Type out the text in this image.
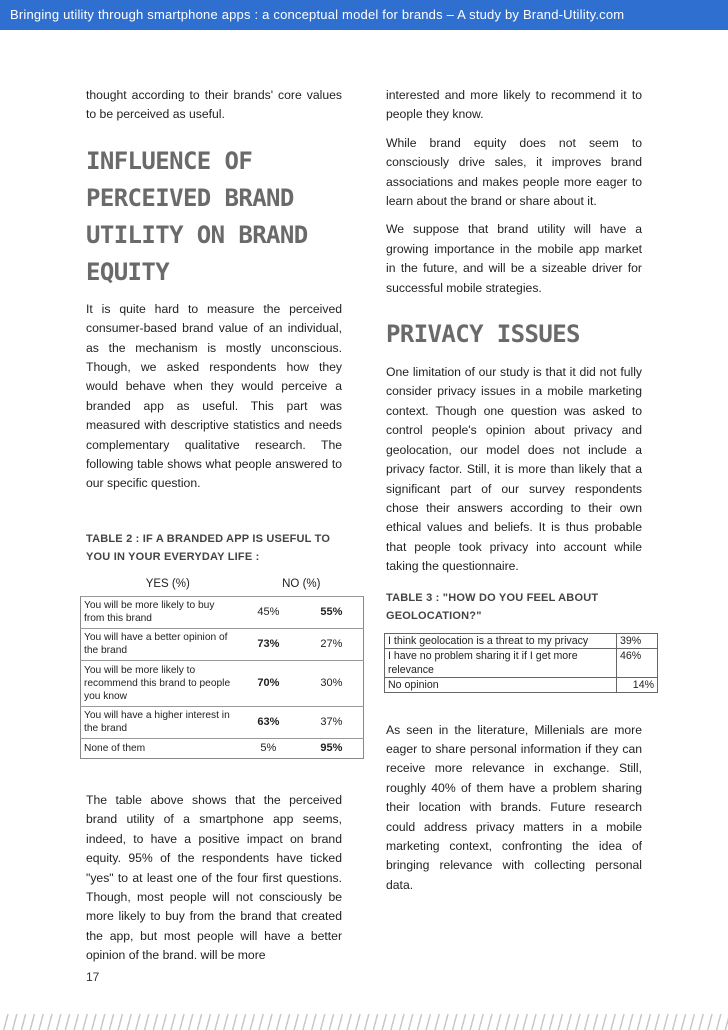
Bringing utility through smartphone apps : a conceptual model for brands – A study by Brand-Utility.com

thought according to their brands' core values to be perceived as useful.

INFLUENCE OF PERCEIVED BRAND UTILITY ON BRAND EQUITY

It is quite hard to measure the perceived consumer-based brand value of an individual, as the mechanism is mostly unconscious. Though, we asked respondents how they would behave when they would perceive a branded app as useful. This part was measured with descriptive statistics and needs complementary qualitative research. The following table shows what people answered to our specific question.

TABLE 2 : IF A BRANDED APP IS USEFUL TO YOU IN YOUR EVERYDAY LIFE :

	YES (%)	NO (%)
You will be more likely to buy from this brand	45%	55%
You will have a better opinion of the brand	73%	27%
You will be more likely to recommend this brand to people you know	70%	30%
You will have a higher interest in the brand	63%	37%
None of them	5%	95%

The table above shows that the perceived brand utility of a smartphone app seems, indeed, to have a positive impact on brand equity. 95% of the respondents have ticked "yes" to at least one of the four first questions. Though, most people will not consciously be more likely to buy from the brand that created the app, but most people will have a better opinion of the brand. will be more

interested and more likely to recommend it to people they know.

While brand equity does not seem to consciously drive sales, it improves brand associations and makes people more eager to learn about the brand or share about it.

We suppose that brand utility will have a growing importance in the mobile app market in the future, and will be a sizeable driver for successful mobile strategies.

PRIVACY ISSUES

One limitation of our study is that it did not fully consider privacy issues in a mobile marketing context. Though one question was asked to control people's opinion about privacy and geolocation, our model does not include a privacy factor. Still, it is more than likely that a significant part of our survey respondents chose their answers according to their own ethical values and beliefs. It is thus probable that people took privacy into account while taking the questionnaire.

TABLE 3 : "HOW DO YOU FEEL ABOUT GEOLOCATION?"

I think geolocation is a threat to my privacy	39%
I have no problem sharing it if I get more relevance	46%
No opinion	14%

As seen in the literature, Millenials are more eager to share personal information if they can receive more relevance in exchange. Still, roughly 40% of them have a problem sharing their location with brands. Future research could address privacy matters in a mobile marketing context, confronting the idea of bringing relevance with collecting personal data.

17
